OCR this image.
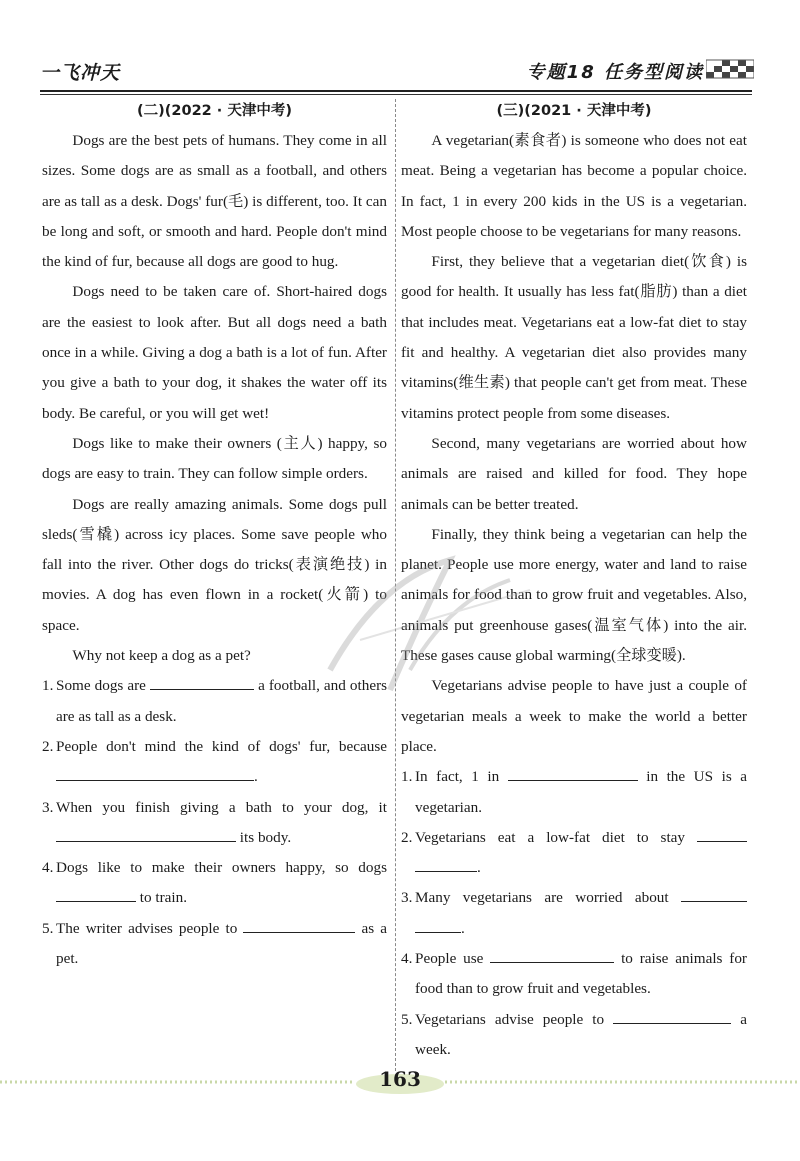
一飞冲天	专题18 任务型阅读

(二)(2022 · 天津中考)

Dogs are the best pets of humans. They come in all sizes. Some dogs are as small as a football, and others are as tall as a desk. Dogs' fur(毛) is different, too. It can be long and soft, or smooth and hard. People don't mind the kind of fur, because all dogs are good to hug.

Dogs need to be taken care of. Short-haired dogs are the easiest to look after. But all dogs need a bath once in a while. Giving a dog a bath is a lot of fun. After you give a bath to your dog, it shakes the water off its body. Be careful, or you will get wet!

Dogs like to make their owners (主人) happy, so dogs are easy to train. They can follow simple orders.

Dogs are really amazing animals. Some dogs pull sleds(雪橇) across icy places. Some save people who fall into the river. Other dogs do tricks(表演绝技) in movies. A dog has even flown in a rocket(火箭) to space.

Why not keep a dog as a pet?

1. Some dogs are	a football, and others are as tall as a desk.
2. People don't mind the kind of dogs' fur, because .
3. When you finish giving a bath to your dog, it  its body.
4. Dogs like to make their owners happy, so dogs  to train.
5. The writer advises people to	as a pet.

(三)(2021 · 天津中考)

A vegetarian(素食者) is someone who does not eat meat. Being a vegetarian has become a popular choice. In fact, 1 in every 200 kids in the US is a vegetarian. Most people choose to be vegetarians for many reasons.

First, they believe that a vegetarian diet(饮食) is good for health. It usually has less fat(脂肪) than a diet that includes meat. Vegetarians eat a low-fat diet to stay fit and healthy. A vegetarian diet also provides many vitamins(维生素) that people can't get from meat. These vitamins protect people from some diseases.

Second, many vegetarians are worried about how animals are raised and killed for food. They hope animals can be better treated.

Finally, they think being a vegetarian can help the planet. People use more energy, water and land to raise animals for food than to grow fruit and vegetables. Also, animals put greenhouse gases(温室气体) into the air. These gases cause global warming(全球变暖).

Vegetarians advise people to have just a couple of vegetarian meals a week to make the world a better place.

1. In fact, 1 in	in the US is a vegetarian.
2. Vegetarians eat a low-fat diet to stay  .
3. Many vegetarians are worried about  .
4. People use	to raise animals for food than to grow fruit and vegetables.
5. Vegetarians advise people to	a week.
163
